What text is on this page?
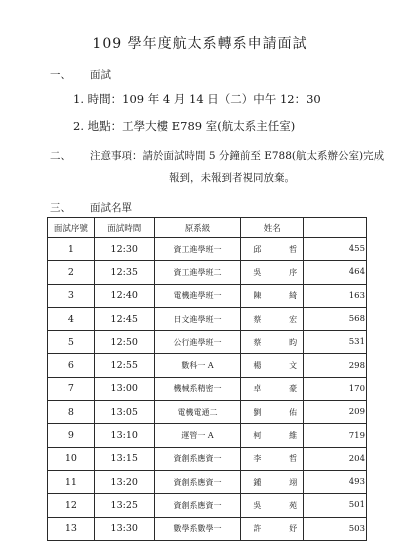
109 學年度航太系轉系申請面試
一、 面試
1. 時間：109 年 4 月 14 日（二）中午 12：30
2. 地點：工學大樓 E789 室(航太系主任室)
二、 注意事項：請於面試時間 5 分鐘前至 E788(航太系辦公室)完成
報到，未報到者視同放棄。
三、 面試名單
面試序號	面試時間	原系級	姓名	
1	12:30	資工進學班一	邱 哲	455
2	12:35	資工進學班二	吳 序	464
3	12:40	電機進學班一	陳 綺	163
4	12:45	日文進學班一	蔡 宏	568
5	12:50	公行進學班一	蔡 昀	531
6	12:55	數科一 A	楊 文	298
7	13:00	機械系精密一	卓 豪	170
8	13:05	電機電通二	劉 佑	209
9	13:10	運管一 A	柯 維	719
10	13:15	資創系應資一	李 哲	204
11	13:20	資創系應資一	鍾 翊	493
12	13:25	資創系應資一	吳 苑	501
13	13:30	數學系數學一	許 妤	503
